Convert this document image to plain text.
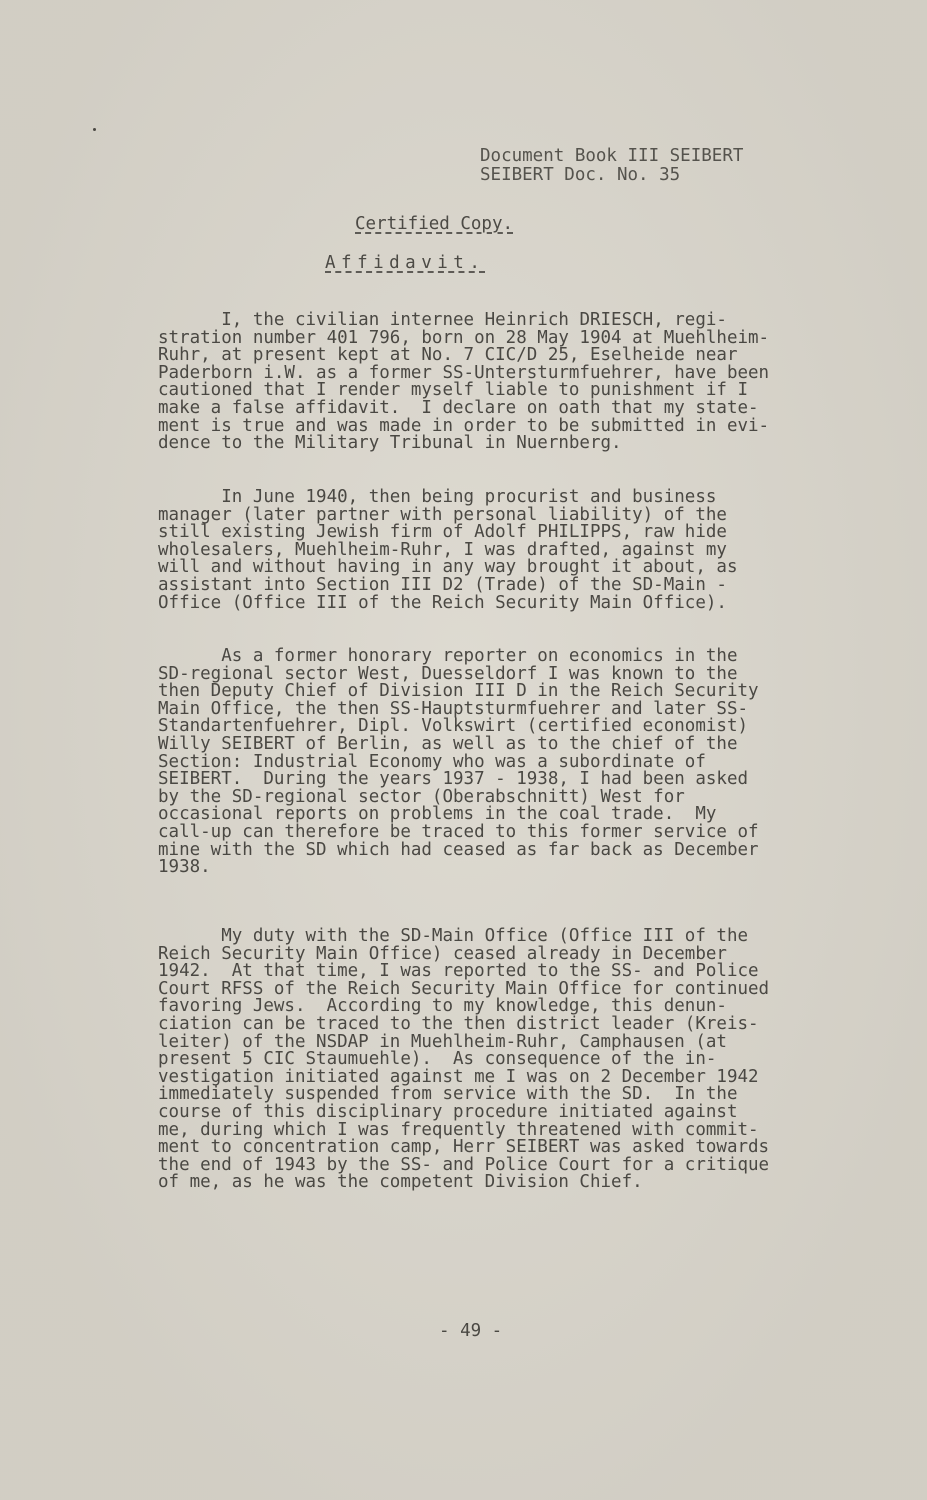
Document Book III SEIBERT
SEIBERT Doc. No. 35
Certified Copy.
Affidavit.

I, the civilian internee Heinrich DRIESCH, regi-
stration number 401 796, born on 28 May 1904 at Muehlheim-
Ruhr, at present kept at No. 7 CIC/D 25, Eselheide near
Paderborn i.W. as a former SS-Untersturmfuehrer, have been
cautioned that I render myself liable to punishment if I
make a false affidavit.  I declare on oath that my state-
ment is true and was made in order to be submitted in evi-
dence to the Military Tribunal in Nuernberg.

In June 1940, then being procurist and business
manager (later partner with personal liability) of the
still existing Jewish firm of Adolf PHILIPPS, raw hide
wholesalers, Muehlheim-Ruhr, I was drafted, against my
will and without having in any way brought it about, as
assistant into Section III D2 (Trade) of the SD-Main -
Office (Office III of the Reich Security Main Office).

As a former honorary reporter on economics in the
SD-regional sector West, Duesseldorf I was known to the
then Deputy Chief of Division III D in the Reich Security
Main Office, the then SS-Hauptsturmfuehrer and later SS-
Standartenfuehrer, Dipl. Volkswirt (certified economist)
Willy SEIBERT of Berlin, as well as to the chief of the
Section: Industrial Economy who was a subordinate of
SEIBERT.  During the years 1937 - 1938, I had been asked
by the SD-regional sector (Oberabschnitt) West for
occasional reports on problems in the coal trade.  My
call-up can therefore be traced to this former service of
mine with the SD which had ceased as far back as December
1938.

My duty with the SD-Main Office (Office III of the
Reich Security Main Office) ceased already in December
1942.  At that time, I was reported to the SS- and Police
Court RFSS of the Reich Security Main Office for continued
favoring Jews.  According to my knowledge, this denun-
ciation can be traced to the then district leader (Kreis-
leiter) of the NSDAP in Muehlheim-Ruhr, Camphausen (at
present 5 CIC Staumuehle).  As consequence of the in-
vestigation initiated against me I was on 2 December 1942
immediately suspended from service with the SD.  In the
course of this disciplinary procedure initiated against
me, during which I was frequently threatened with commit-
ment to concentration camp, Herr SEIBERT was asked towards
the end of 1943 by the SS- and Police Court for a critique
of me, as he was the competent Division Chief.

- 49 -
